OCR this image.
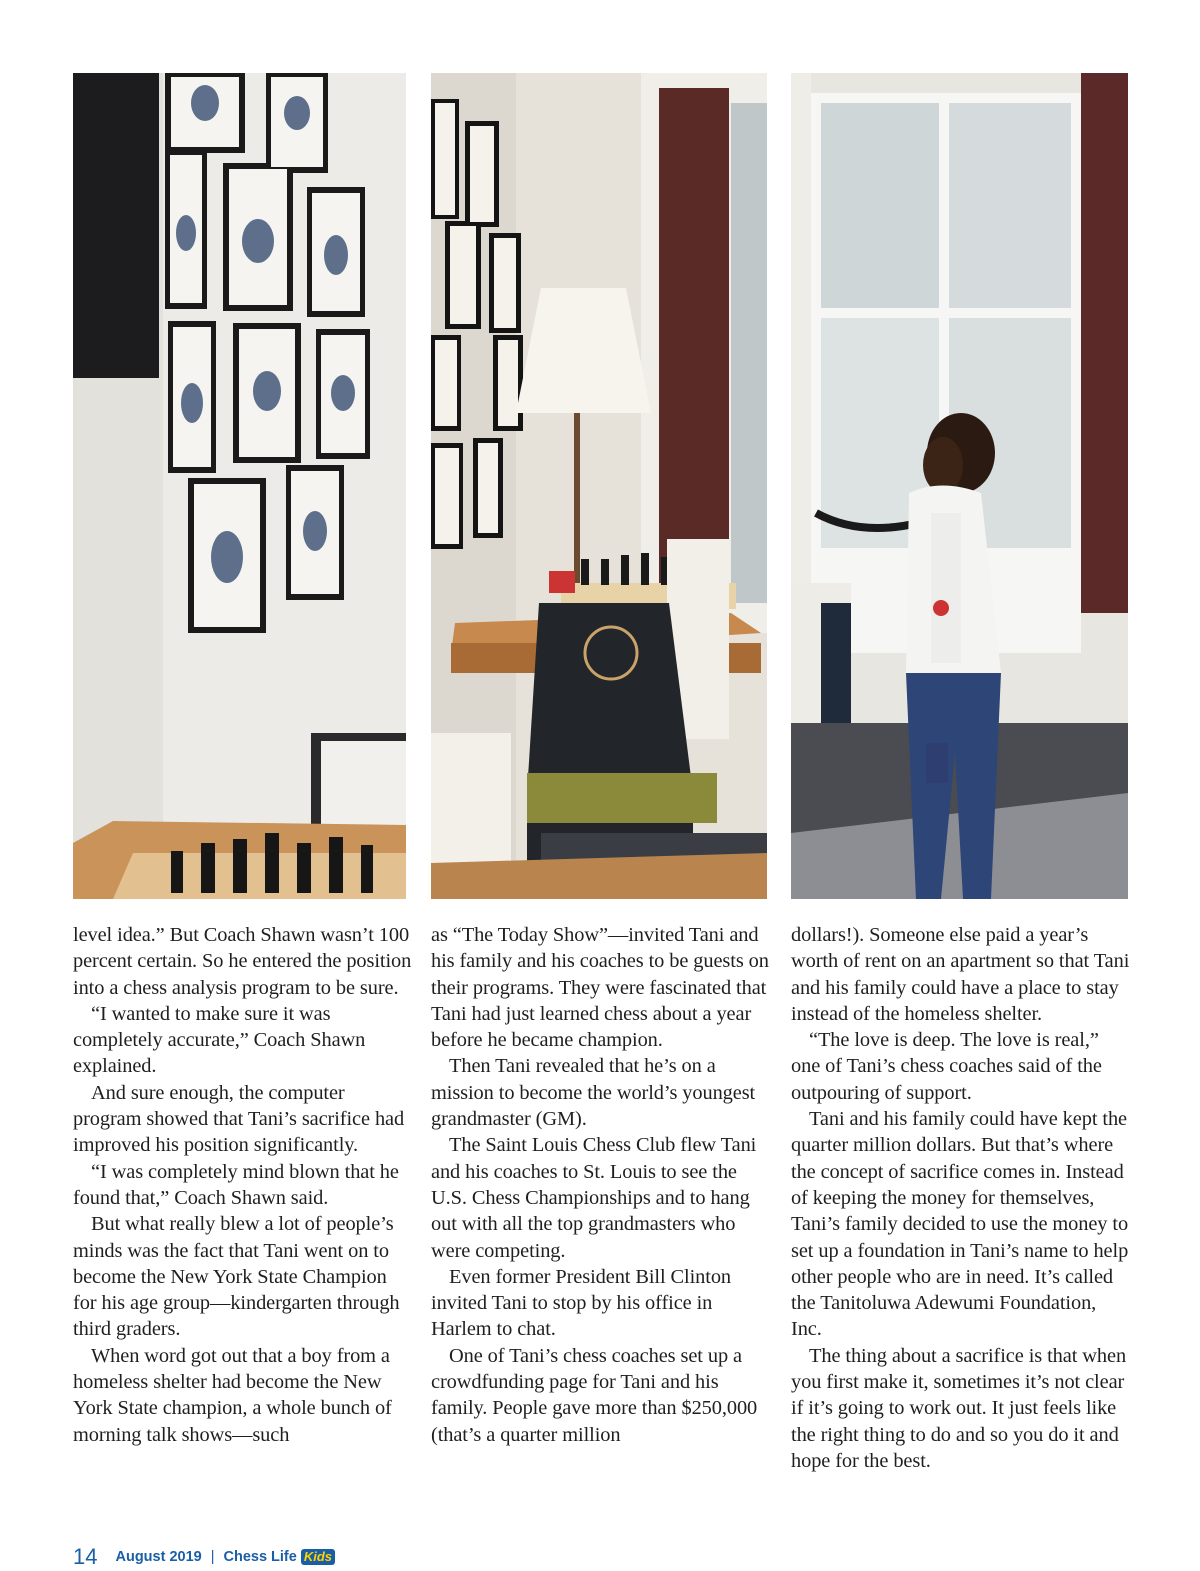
level idea.” But Coach Shawn wasn’t 100 percent certain. So he entered the position into a chess analysis program to be sure.

“I wanted to make sure it was completely accurate,” Coach Shawn explained.

And sure enough, the computer program showed that Tani’s sacrifice had improved his position significantly.

“I was completely mind blown that he found that,” Coach Shawn said.

But what really blew a lot of people’s minds was the fact that Tani went on to become the New York State Champion for his age group—kindergarten through third graders.

When word got out that a boy from a homeless shelter had become the New York State champion, a whole bunch of morning talk shows—such

as “The Today Show”—invited Tani and his family and his coaches to be guests on their programs. They were fascinated that Tani had just learned chess about a year before he became champion.

Then Tani revealed that he’s on a mission to become the world’s youngest grandmaster (GM).

The Saint Louis Chess Club flew Tani and his coaches to St. Louis to see the U.S. Chess Championships and to hang out with all the top grandmasters who were competing.

Even former President Bill Clinton invited Tani to stop by his office in Harlem to chat.

One of Tani’s chess coaches set up a crowdfunding page for Tani and his family. People gave more than $250,000 (that’s a quarter million

dollars!). Someone else paid a year’s worth of rent on an apartment so that Tani and his family could have a place to stay instead of the homeless shelter.

“The love is deep. The love is real,” one of Tani’s chess coaches said of the outpouring of support.

Tani and his family could have kept the quarter million dollars. But that’s where the concept of sacrifice comes in. Instead of keeping the money for themselves, Tani’s family decided to use the money to set up a foundation in Tani’s name to help other people who are in need. It’s called the Tanitoluwa Adewumi Foundation, Inc.

The thing about a sacrifice is that when you first make it, sometimes it’s not clear if it’s going to work out. It just feels like the right thing to do and so you do it and hope for the best.

14 August 2019 | Chess Life Kids
